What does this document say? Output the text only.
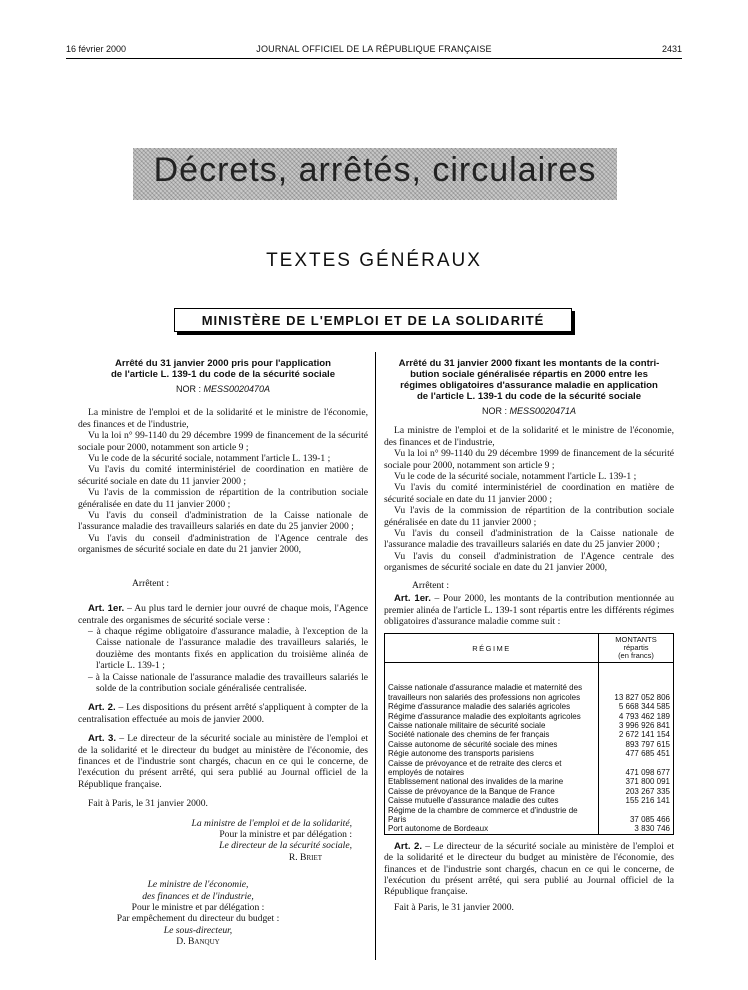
16 février 2000	JOURNAL OFFICIEL DE LA RÉPUBLIQUE FRANÇAISE	2431
Décrets, arrêtés, circulaires
TEXTES GÉNÉRAUX
MINISTÈRE DE L'EMPLOI ET DE LA SOLIDARITÉ
Arrêté du 31 janvier 2000 pris pour l'application
de l'article L. 139-1 du code de la sécurité sociale
NOR : MESS0020470A

La ministre de l'emploi et de la solidarité et le ministre de l'économie, des finances et de l'industrie,

Vu la loi n° 99-1140 du 29 décembre 1999 de financement de la sécurité sociale pour 2000, notamment son article 9 ;

Vu le code de la sécurité sociale, notamment l'article L. 139-1 ;

Vu l'avis du comité interministériel de coordination en matière de sécurité sociale en date du 11 janvier 2000 ;

Vu l'avis de la commission de répartition de la contribution sociale généralisée en date du 11 janvier 2000 ;

Vu l'avis du conseil d'administration de la Caisse nationale de l'assurance maladie des travailleurs salariés en date du 25 janvier 2000 ;

Vu l'avis du conseil d'administration de l'Agence centrale des organismes de sécurité sociale en date du 21 janvier 2000,

Arrêtent :

Art. 1er. – Au plus tard le dernier jour ouvré de chaque mois, l'Agence centrale des organismes de sécurité sociale verse :

– à chaque régime obligatoire d'assurance maladie, à l'exception de la Caisse nationale de l'assurance maladie des travailleurs salariés, le douzième des montants fixés en application du troisième alinéa de l'article L. 139-1 ;

– à la Caisse nationale de l'assurance maladie des travailleurs salariés le solde de la contribution sociale généralisée centralisée.

Art. 2. – Les dispositions du présent arrêté s'appliquent à compter de la centralisation effectuée au mois de janvier 2000.

Art. 3. – Le directeur de la sécurité sociale au ministère de l'emploi et de la solidarité et le directeur du budget au ministère de l'économie, des finances et de l'industrie sont chargés, chacun en ce qui le concerne, de l'exécution du présent arrêté, qui sera publié au Journal officiel de la République française.

Fait à Paris, le 31 janvier 2000.

La ministre de l'emploi et de la solidarité,
Pour la ministre et par délégation :
Le directeur de la sécurité sociale,
R. Briet
Le ministre de l'économie,
des finances et de l'industrie,
Pour le ministre et par délégation :
Par empêchement du directeur du budget :
Le sous-directeur,
D. Banquy
Arrêté du 31 janvier 2000 fixant les montants de la contri-
bution sociale généralisée répartis en 2000 entre les
régimes obligatoires d'assurance maladie en application
de l'article L. 139-1 du code de la sécurité sociale
NOR : MESS0020471A

La ministre de l'emploi et de la solidarité et le ministre de l'économie, des finances et de l'industrie,

Vu la loi n° 99-1140 du 29 décembre 1999 de financement de la sécurité sociale pour 2000, notamment son article 9 ;

Vu le code de la sécurité sociale, notamment l'article L. 139-1 ;

Vu l'avis du comité interministériel de coordination en matière de sécurité sociale en date du 11 janvier 2000 ;

Vu l'avis de la commission de répartition de la contribution sociale généralisée en date du 11 janvier 2000 ;

Vu l'avis du conseil d'administration de la Caisse nationale de l'assurance maladie des travailleurs salariés en date du 25 janvier 2000 ;

Vu l'avis du conseil d'administration de l'Agence centrale des organismes de sécurité sociale en date du 21 janvier 2000,

Arrêtent :

Art. 1er. – Pour 2000, les montants de la contribution mentionnée au premier alinéa de l'article L. 139-1 sont répartis entre les différents régimes obligatoires d'assurance maladie comme suit :

RÉGIME	MONTANTS
répartis
(en francs)

Caisse nationale d'assurance maladie et maternité des travailleurs non salariés des professions non agricoles	13 827 052 806
Régime d'assurance maladie des salariés agricoles	5 668 344 585
Régime d'assurance maladie des exploitants agricoles	4 793 462 189
Caisse nationale militaire de sécurité sociale	3 996 926 841
Société nationale des chemins de fer français	2 672 141 154
Caisse autonome de sécurité sociale des mines	893 797 615
Régie autonome des transports parisiens	477 685 451
Caisse de prévoyance et de retraite des clercs et employés de notaires	471 098 677
Etablissement national des invalides de la marine	371 800 091
Caisse de prévoyance de la Banque de France	203 267 335
Caisse mutuelle d'assurance maladie des cultes	155 216 141
Régime de la chambre de commerce et d'industrie de Paris	37 085 466
Port autonome de Bordeaux	3 830 746

Art. 2. – Le directeur de la sécurité sociale au ministère de l'emploi et de la solidarité et le directeur du budget au ministère de l'économie, des finances et de l'industrie sont chargés, chacun en ce qui le concerne, de l'exécution du présent arrêté, qui sera publié au Journal officiel de la République française.

Fait à Paris, le 31 janvier 2000.
